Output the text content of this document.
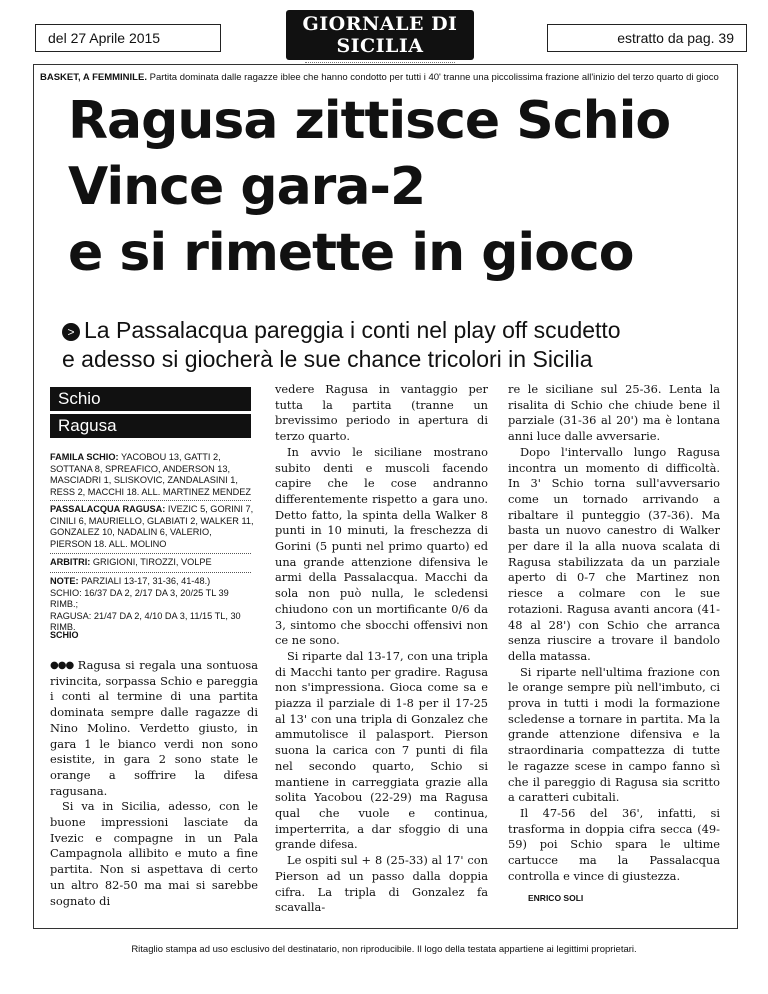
del 27 Aprile 2015
GIORNALE DI SICILIA	estratto da pag. 39
BASKET, A FEMMINILE. Partita dominata dalle ragazze iblee che hanno condotto per tutti i 40' tranne una piccolissima frazione all'inizio del terzo quarto di gioco
Ragusa zittisce Schio
Vince gara-2
e si rimette in gioco
> La Passalacqua pareggia i conti nel play off scudetto
e adesso si giocherà le sue chance tricolori in Sicilia
Schio
Ragusa
FAMILA SCHIO: YACOBOU 13, GATTI 2, SOTTANA 8, SPREAFICO, ANDERSON 13, MASCIADRI 1, SLISKOVIC, ZANDALASINI 1, RESS 2, MACCHI 18. ALL. MARTINEZ MENDEZ
PASSALACQUA RAGUSA: IVEZIC 5, GORINI 7, CINILI 6, MAURIELLO, GLABIATI 2, WALKER 11, GONZALEZ 10, NADALIN 6, VALERIO, PIERSON 18. ALL. MOLINO
ARBITRI: GRIGIONI, TIROZZI, VOLPE
NOTE: PARZIALI 13-17, 31-36, 41-48.)
SCHIO: 16/37 DA 2, 2/17 DA 3, 20/25 TL 39 RIMB.;
RAGUSA: 21/47 DA 2, 4/10 DA 3, 11/15 TL, 30 RIMB.
SCHIO

●●● Ragusa si regala una sontuosa rivincita, sorpassa Schio e pareggia i conti al termine di una partita dominata sempre dalle ragazze di Nino Molino. Verdetto giusto, in gara 1 le bianco verdi non sono esistite, in gara 2 sono state le orange a soffrire la difesa ragusana.

Si va in Sicilia, adesso, con le buone impressioni lasciate da Ivezic e compagne in un Pala Campagnola allibito e muto a fine partita. Non si aspettava di certo un altro 82-50 ma mai si sarebbe sognato di

vedere Ragusa in vantaggio per tutta la partita (tranne un brevissimo periodo in apertura di terzo quarto.

In avvio le siciliane mostrano subito denti e muscoli facendo capire che le cose andranno differentemente rispetto a gara uno. Detto fatto, la spinta della Walker 8 punti in 10 minuti, la freschezza di Gorini (5 punti nel primo quarto) ed una grande attenzione difensiva le armi della Passalacqua. Macchi da sola non può nulla, le scledensi chiudono con un mortificante 0/6 da 3, sintomo che sbocchi offensivi non ce ne sono.

Si riparte dal 13-17, con una tripla di Macchi tanto per gradire. Ragusa non s'impressiona. Gioca come sa e piazza il parziale di 1-8 per il 17-25 al 13' con una tripla di Gonzalez che ammutolisce il palasport. Pierson suona la carica con 7 punti di fila nel secondo quarto, Schio si mantiene in carreggiata grazie alla solita Yacobou (22-29) ma Ragusa qual che vuole e continua, imperterrita, a dar sfoggio di una grande difesa.

Le ospiti sul + 8 (25-33) al 17' con Pierson ad un passo dalla doppia cifra. La tripla di Gonzalez fa scavalla-

re le siciliane sul 25-36. Lenta la risalita di Schio che chiude bene il parziale (31-36 al 20') ma è lontana anni luce dalle avversarie.

Dopo l'intervallo lungo Ragusa incontra un momento di difficoltà. In 3' Schio torna sull'avversario come un tornado arrivando a ribaltare il punteggio (37-36). Ma basta un nuovo canestro di Walker per dare il la alla nuova scalata di Ragusa stabilizzata da un parziale aperto di 0-7 che Martinez non riesce a colmare con le sue rotazioni. Ragusa avanti ancora (41-48 al 28') con Schio che arranca senza riuscire a trovare il bandolo della matassa.

Si riparte nell'ultima frazione con le orange sempre più nell'imbuto, ci prova in tutti i modi la formazione scledense a tornare in partita. Ma la grande attenzione difensiva e la straordinaria compattezza di tutte le ragazze scese in campo fanno sì che il pareggio di Ragusa sia scritto a caratteri cubitali.

Il 47-56 del 36', infatti, si trasforma in doppia cifra secca (49-59) poi Schio spara le ultime cartucce ma la Passalacqua controlla e vince di giustezza.

ENRICO SOLI
Ritaglio stampa ad uso esclusivo del destinatario, non riproducibile. Il logo della testata appartiene ai legittimi proprietari.
